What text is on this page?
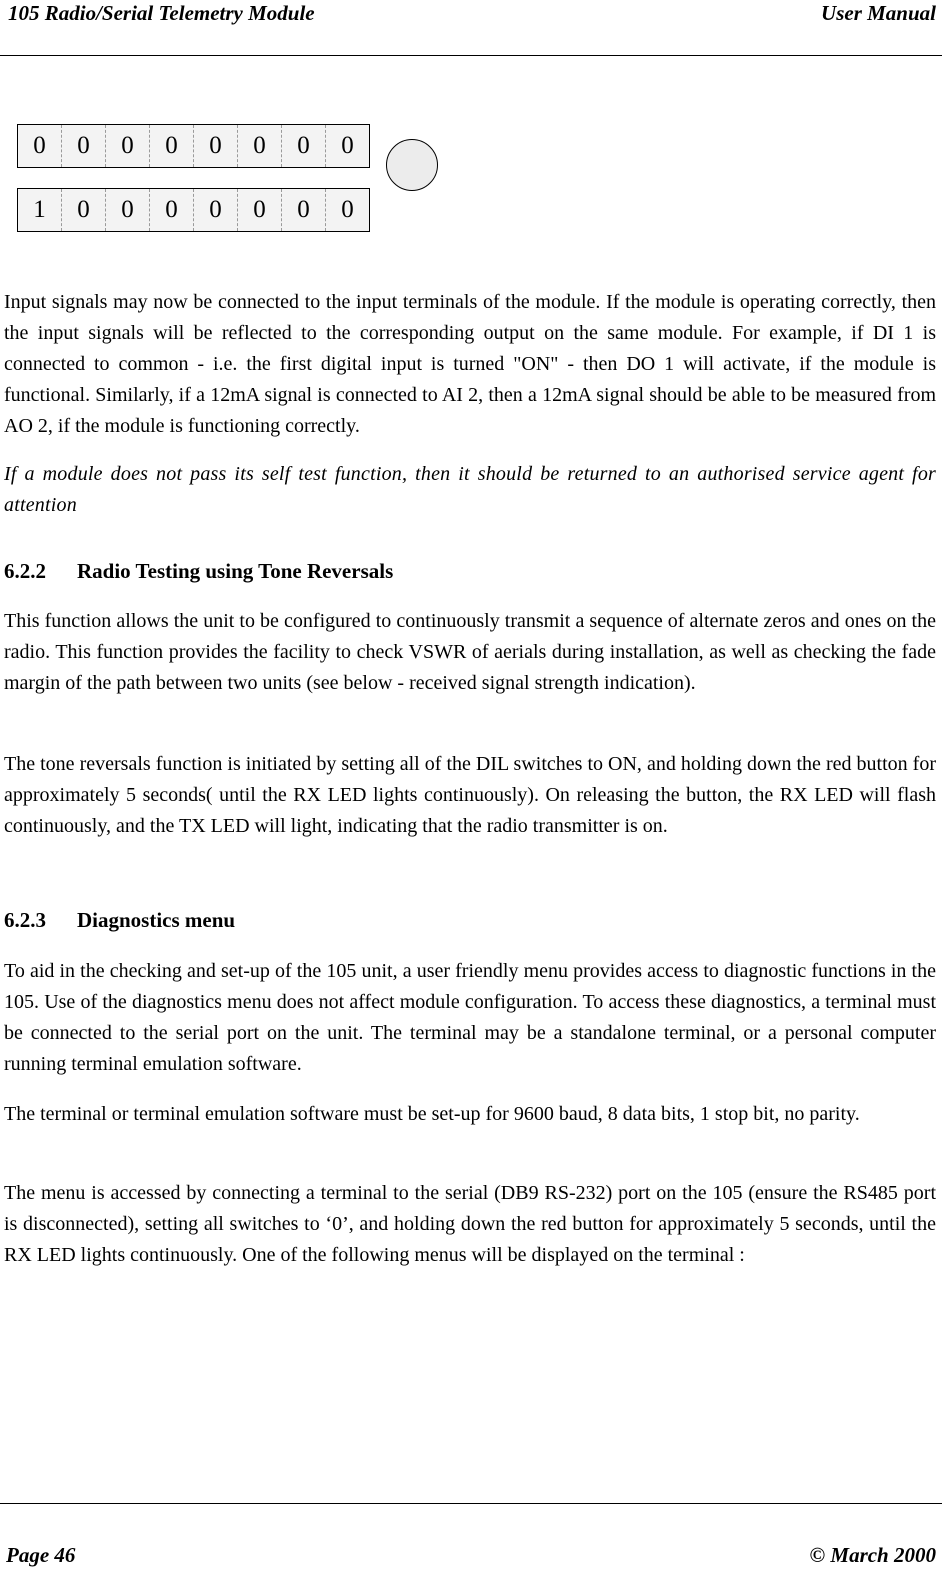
105 Radio/Serial Telemetry Module	User Manual
0	0	0	0	0	0	0	0
1	0	0	0	0	0	0	0

Input signals may now be connected to the input terminals of the module. If the module is operating correctly, then the input signals will be reflected to the corresponding output on the same module. For example, if DI 1 is connected to common - i.e. the first digital input is turned "ON" - then DO 1 will activate, if the module is functional. Similarly, if a 12mA signal is connected to AI 2, then a 12mA signal should be able to be measured from AO 2, if the module is functioning correctly.

If a module does not pass its self test function, then it should be returned to an authorised service agent for attention

6.2.2 Radio Testing using Tone Reversals

This function allows the unit to be configured to continuously transmit a sequence of alternate zeros and ones on the radio. This function provides the facility to check VSWR of aerials during installation, as well as checking the fade margin of the path between two units (see below - received signal strength indication).

The tone reversals function is initiated by setting all of the DIL switches to ON, and holding down the red button for approximately 5 seconds( until the RX LED lights continuously). On releasing the button, the RX LED will flash continuously, and the TX LED will light, indicating that the radio transmitter is on.

6.2.3 Diagnostics menu

To aid in the checking and set-up of the 105 unit, a user friendly menu provides access to diagnostic functions in the 105. Use of the diagnostics menu does not affect module configuration. To access these diagnostics, a terminal must be connected to the serial port on the unit. The terminal may be a standalone terminal, or a personal computer running terminal emulation software.

The terminal or terminal emulation software must be set-up for 9600 baud, 8 data bits, 1 stop bit, no parity.

The menu is accessed by connecting a terminal to the serial (DB9 RS-232) port on the 105 (ensure the RS485 port is disconnected), setting all switches to ‘0’, and holding down the red button for approximately 5 seconds, until the RX LED lights continuously. One of the following menus will be displayed on the terminal :

Page 46	© March 2000
